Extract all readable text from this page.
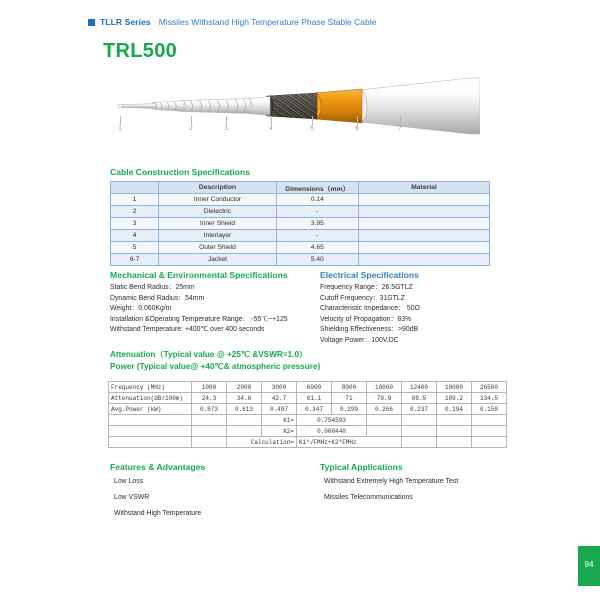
TLLR Series Missiles Withstand High Temperature Phase Stable Cable
TRL500
1	2	3	4	5	6	7
Cable Construction Specifications
	Description	Dimensions（mm）	Material
1	Inner Conductor	0.14	
2	Dielectric	-	
3	Inner Shield	3.95	
4	Interlayer	-	
5	Outer Shield	4.65	
6-7	Jacket	5.40	
Mechanical & Environmental Specifications
Static Bend Radius：25mm
Dynamic Bend Radius：54mm
Weight：0.060Kg/m
Installation &Operating Temperature Range： -55℃~+125
Withstand Temperature: +400℃ over 400 seconds
Electrical Specifications
Frequency Range：26.5GTLZ
Cutoff Frequency：31GTLZ
Characteristic Impedance： 50Ω
Velocity of Propagation：83%
Shielding Effectiveness：>90dB
Voltage Power：100V,DC
Attenuation（Typical value @ +25℃ &VSWR=1.0）
Power (Typical value@ +40℃& atmospheric pressure)
Frequency (MHz)	1000	2000	3000	6000	8000	10000	12400	18000	26500
Attenuation(dB/100m)	24.3	34.6	42.7	61.1	71	79.9	89.5	109.2	134.5
Avg.Power (kW)	0.873	0.613	0.497	0.347	0.299	0.266	0.237	0.194	0.158
			K1=	0.754593					
			K2=	0.000440					
		Calculation=		K1*√FMHz+K2*FMHz					
Features & Advantages
Low Loss
Low VSWR
Withstand High Temperature
Typical Applications
Withstand Extremely High Temperature Test
Missiles Telecommunications
94
